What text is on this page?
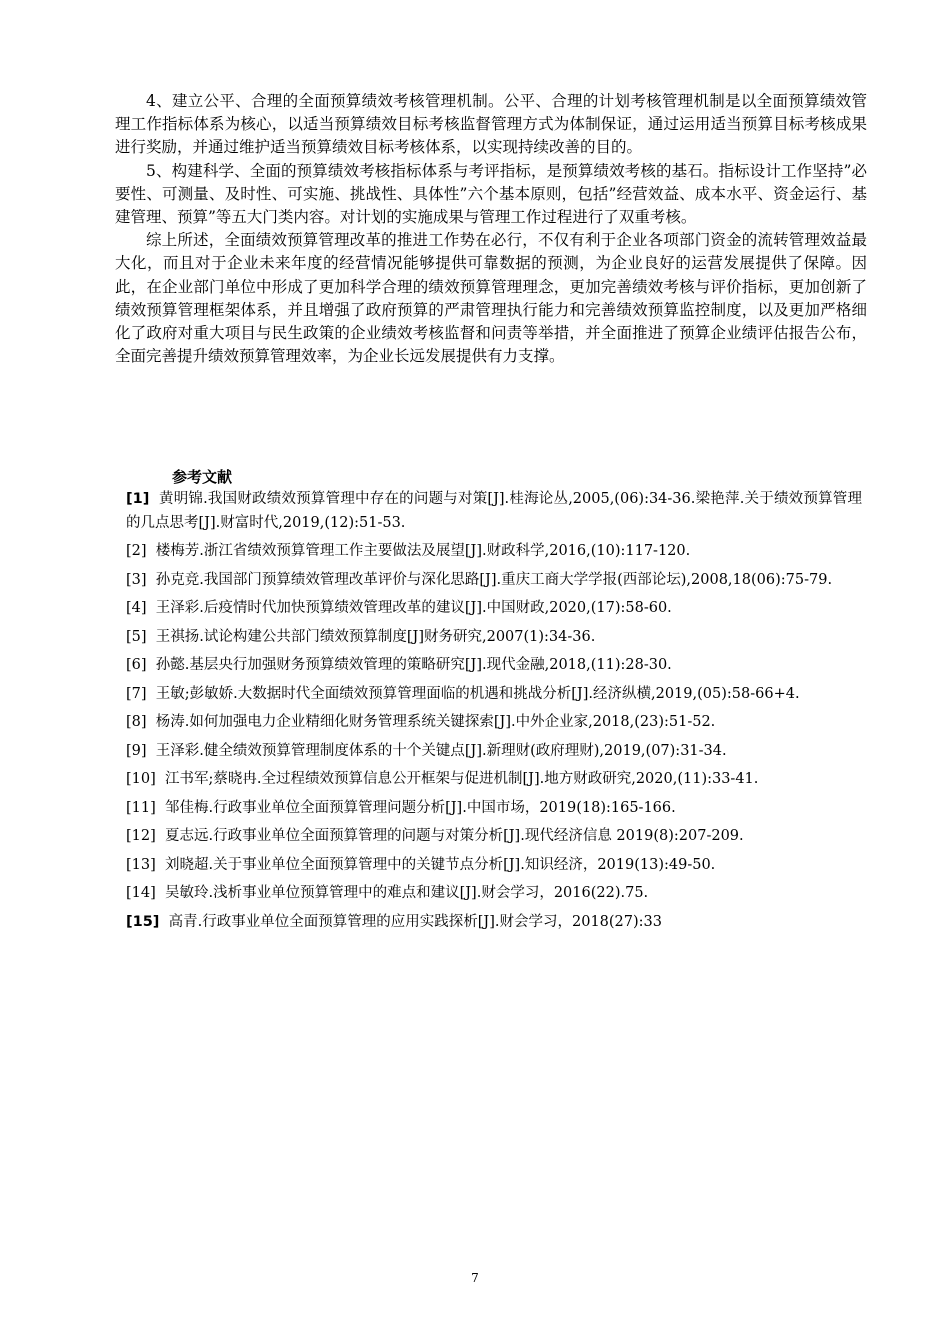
4、建立公平、合理的全面预算绩效考核管理机制。公平、合理的计划考核管理机制是以全面预算绩效管理工作指标体系为核心，以适当预算绩效目标考核监督管理方式为体制保证，通过运用适当预算目标考核成果进行奖励，并通过维护适当预算绩效目标考核体系，以实现持续改善的目的。

5、构建科学、全面的预算绩效考核指标体系与考评指标，是预算绩效考核的基石。指标设计工作坚持”必要性、可测量、及时性、可实施、挑战性、具体性”六个基本原则，包括”经营效益、成本水平、资金运行、基建管理、预算”等五大门类内容。对计划的实施成果与管理工作过程进行了双重考核。

综上所述，全面绩效预算管理改革的推进工作势在必行，不仅有利于企业各项部门资金的流转管理效益最大化，而且对于企业未来年度的经营情况能够提供可靠数据的预测，为企业良好的运营发展提供了保障。因此，在企业部门单位中形成了更加科学合理的绩效预算管理理念，更加完善绩效考核与评价指标，更加创新了绩效预算管理框架体系，并且增强了政府预算的严肃管理执行能力和完善绩效预算监控制度，以及更加严格细化了政府对重大项目与民生政策的企业绩效考核监督和问责等举措，并全面推进了预算企业绩评估报告公布，全面完善提升绩效预算管理效率，为企业长远发展提供有力支撑。

参考文献
[1] 黄明锦.我国财政绩效预算管理中存在的问题与对策[J].桂海论丛,2005,(06):34-36.梁艳萍.关于绩效预算管理的几点思考[J].财富时代,2019,(12):51-53.
[2] 楼梅芳.浙江省绩效预算管理工作主要做法及展望[J].财政科学,2016,(10):117-120.
[3] 孙克竞.我国部门预算绩效管理改革评价与深化思路[J].重庆工商大学学报(西部论坛),2008,18(06):75-79.
[4] 王泽彩.后疫情时代加快预算绩效管理改革的建议[J].中国财政,2020,(17):58-60.
[5] 王祺扬.试论构建公共部门绩效预算制度[J]财务研究,2007(1):34-36.
[6] 孙懿.基层央行加强财务预算绩效管理的策略研究[J].现代金融,2018,(11):28-30.
[7] 王敏;彭敏娇.大数据时代全面绩效预算管理面临的机遇和挑战分析[J].经济纵横,2019,(05):58-66+4.
[8] 杨涛.如何加强电力企业精细化财务管理系统关键探索[J].中外企业家,2018,(23):51-52.
[9] 王泽彩.健全绩效预算管理制度体系的十个关键点[J].新理财(政府理财),2019,(07):31-34.
[10] 江书军;蔡晓冉.全过程绩效预算信息公开框架与促进机制[J].地方财政研究,2020,(11):33-41.
[11] 邹佳梅.行政事业单位全面预算管理问题分析[J].中国市场，2019(18):165-166.
[12] 夏志远.行政事业单位全面预算管理的问题与对策分析[J].现代经济信息 2019(8):207-209.
[13] 刘晓超.关于事业单位全面预算管理中的关键节点分析[J].知识经济，2019(13):49-50.
[14] 吴敏玲.浅析事业单位预算管理中的难点和建议[J].财会学习，2016(22).75.
[15] 高青.行政事业单位全面预算管理的应用实践探析[J].财会学习，2018(27):33
7
